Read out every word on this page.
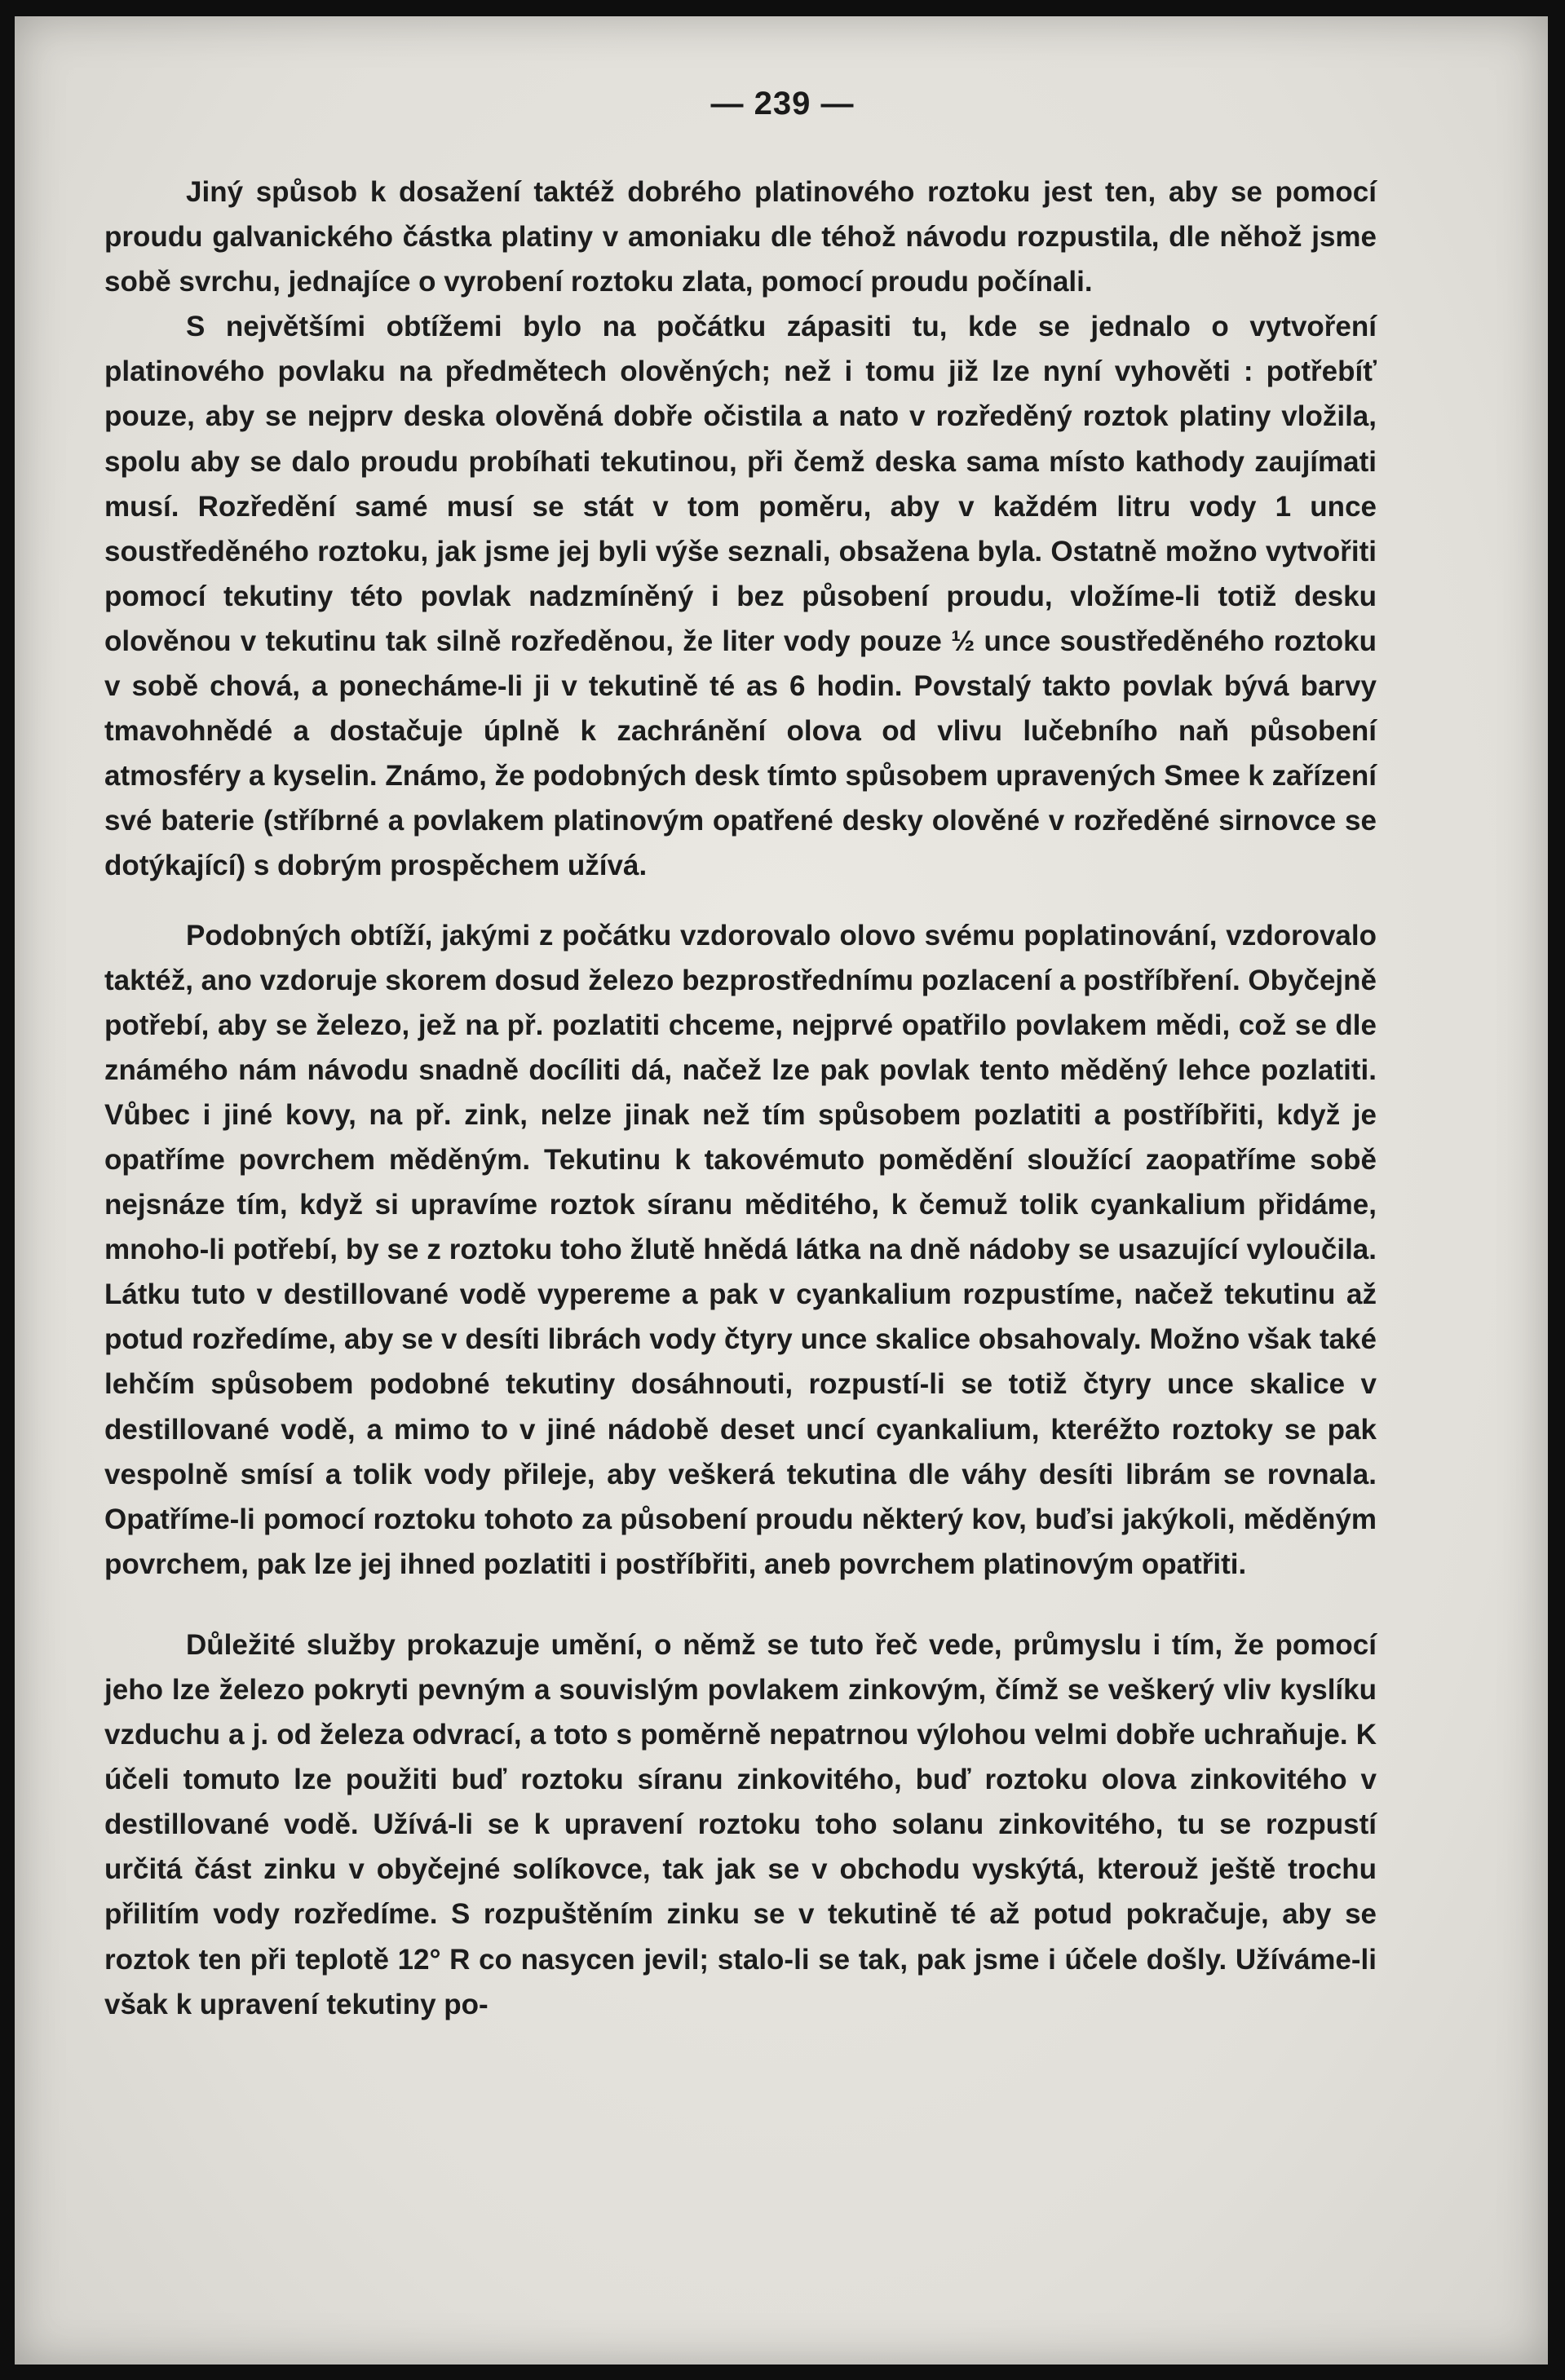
— 239 —

Jiný spůsob k dosažení taktéž dobrého platinového roztoku jest ten, aby se pomocí proudu galvanického částka platiny v amoniaku dle téhož návodu rozpustila, dle něhož jsme sobě svrchu, jednajíce o vyrobení roztoku zlata, pomocí proudu počínali.

S největšími obtížemi bylo na počátku zápasiti tu, kde se jednalo o vytvoření platinového povlaku na předmětech olověných; než i tomu již lze nyní vyhověti : potřebíť pouze, aby se nejprv deska olověná dobře očistila a nato v rozředěný roztok platiny vložila, spolu aby se dalo proudu probíhati tekutinou, při čemž deska sama místo kathody zaujímati musí. Rozředění samé musí se stát v tom poměru, aby v každém litru vody 1 unce soustředěného roztoku, jak jsme jej byli výše seznali, obsažena byla. Ostatně možno vytvořiti pomocí tekutiny této povlak nadzmíněný i bez působení proudu, vložíme-li totiž desku olověnou v tekutinu tak silně rozředěnou, že liter vody pouze ½ unce soustředěného roztoku v sobě chová, a ponecháme-li ji v tekutině té as 6 hodin. Povstalý takto povlak bývá barvy tmavohnědé a dostačuje úplně k zachránění olova od vlivu lučebního naň působení atmosféry a kyselin. Známo, že podobných desk tímto spůsobem upravených Smee k zařízení své baterie (stříbrné a povlakem platinovým opatřené desky olověné v rozředěné sirnovce se dotýkající) s dobrým prospěchem užívá.

Podobných obtíží, jakými z počátku vzdorovalo olovo svému poplatinování, vzdorovalo taktéž, ano vzdoruje skorem dosud železo bezprostřednímu pozlacení a postříbření. Obyčejně potřebí, aby se železo, jež na př. pozlatiti chceme, nejprvé opatřilo povlakem mědi, což se dle známého nám návodu snadně docíliti dá, načež lze pak povlak tento měděný lehce pozlatiti. Vůbec i jiné kovy, na př. zink, nelze jinak než tím spůsobem pozlatiti a postříbřiti, když je opatříme povrchem měděným. Tekutinu k takovémuto pomědění sloužící zaopatříme sobě nejsnáze tím, když si upravíme roztok síranu měditého, k čemuž tolik cyankalium přidáme, mnoho-li potřebí, by se z roztoku toho žlutě hnědá látka na dně nádoby se usazující vyloučila. Látku tuto v destillované vodě vypereme a pak v cyankalium rozpustíme, načež tekutinu až potud rozředíme, aby se v desíti librách vody čtyry unce skalice obsahovaly. Možno však také lehčím spůsobem podobné tekutiny dosáhnouti, rozpustí-li se totiž čtyry unce skalice v destillované vodě, a mimo to v jiné nádobě deset uncí cyankalium, kteréžto roztoky se pak vespolně smísí a tolik vody přileje, aby veškerá tekutina dle váhy desíti librám se rovnala. Opatříme-li pomocí roztoku tohoto za působení proudu některý kov, buďsi jakýkoli, měděným povrchem, pak lze jej ihned pozlatiti i postříbřiti, aneb povrchem platinovým opatřiti.

Důležité služby prokazuje umění, o němž se tuto řeč vede, průmyslu i tím, že pomocí jeho lze železo pokryti pevným a souvislým povlakem zinkovým, čímž se veškerý vliv kyslíku vzduchu a j. od železa odvrací, a toto s poměrně nepatrnou výlohou velmi dobře uchraňuje. K účeli tomuto lze použiti buď roztoku síranu zinkovitého, buď roztoku olova zinkovitého v destillované vodě. Užívá-li se k upravení roztoku toho solanu zinkovitého, tu se rozpustí určitá část zinku v obyčejné solíkovce, tak jak se v obchodu vyskýtá, kterouž ještě trochu přilitím vody rozředíme. S rozpuštěním zinku se v tekutině té až potud pokračuje, aby se roztok ten při teplotě 12° R co nasycen jevil; stalo-li se tak, pak jsme i účele došly. Užíváme-li však k upravení tekutiny po-
